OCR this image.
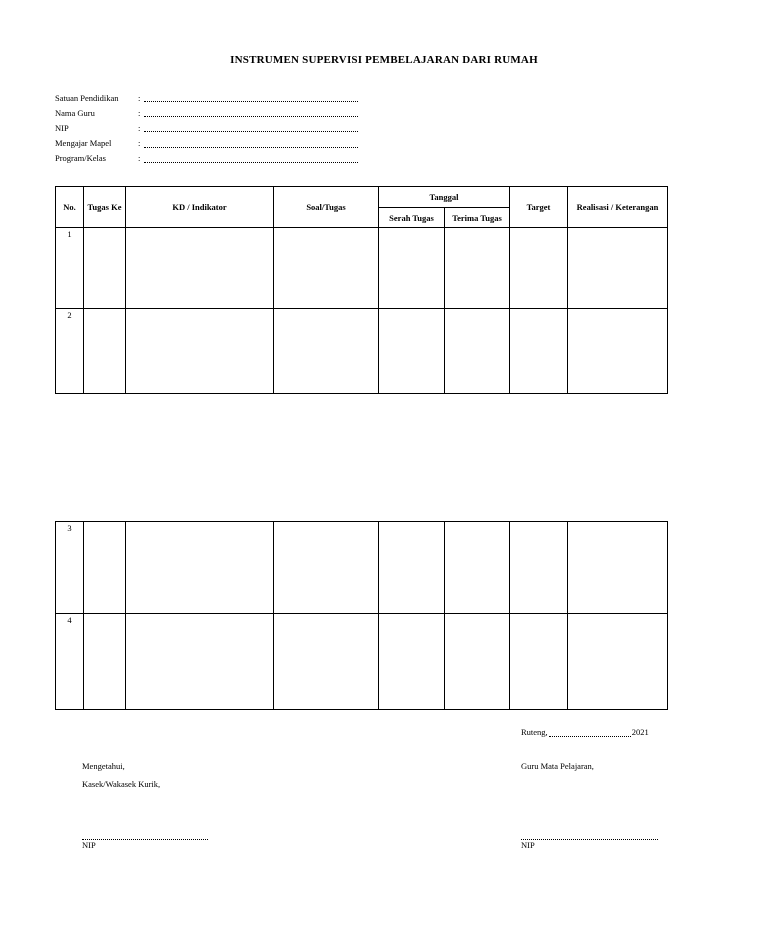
INSTRUMEN SUPERVISI PEMBELAJARAN DARI RUMAH
Satuan Pendidikan	:
Nama Guru	:
NIP	:
Mengajar Mapel	:
Program/Kelas	:
No.	Tugas Ke	KD / Indikator	Soal/Tugas	Tanggal		Target	Realisasi / Keterangan
				Serah Tugas	Terima Tugas		
1							
2							
3							
4							
Ruteng,	2021
Mengetahui,
Kasek/Wakasek Kurik,
Guru Mata Pelajaran,
NIP	NIP
